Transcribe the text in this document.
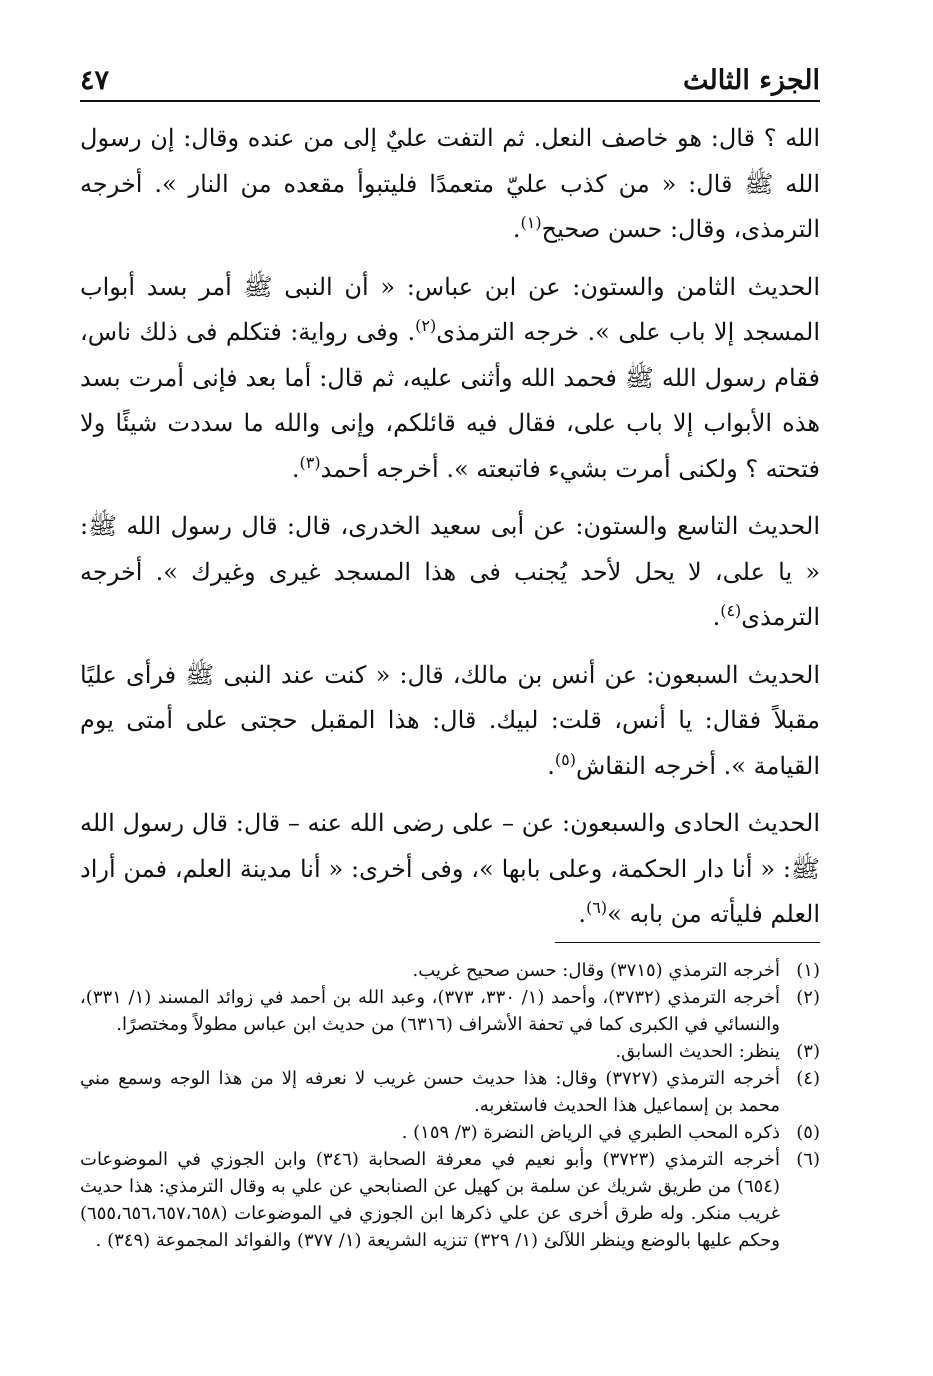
الجزء الثالث
٤٧

الله ؟ قال: هو خاصف النعل. ثم التفت عليٌ إلى من عنده وقال: إن رسول الله ﷺ قال: « من كذب عليّ متعمدًا فليتبوأ مقعده من النار ». أخرجه الترمذى، وقال: حسن صحيح$^{(١)}$.

الحديث الثامن والستون: عن ابن عباس: « أن النبى ﷺ أمر بسد أبواب المسجد إلا باب على ». خرجه الترمذى$^{(٢)}$. وفى رواية: فتكلم فى ذلك ناس، فقام رسول الله ﷺ فحمد الله وأثنى عليه، ثم قال: أما بعد فإنى أمرت بسد هذه الأبواب إلا باب على، فقال فيه قائلكم، وإنى والله ما سددت شيئًا ولا فتحته ؟ ولكنى أمرت بشيء فاتبعته ». أخرجه أحمد$^{(٣)}$.

الحديث التاسع والستون: عن أبى سعيد الخدرى، قال: قال رسول الله ﷺ: « يا على، لا يحل لأحد يُجنب فى هذا المسجد غيرى وغيرك ». أخرجه الترمذى$^{(٤)}$.

الحديث السبعون: عن أنس بن مالك، قال: « كنت عند النبى ﷺ فرأى عليًا مقبلاً فقال: يا أنس، قلت: لبيك. قال: هذا المقبل حجتى على أمتى يوم القيامة ». أخرجه النقاش$^{(٥)}$.

الحديث الحادى والسبعون: عن – على رضى الله عنه – قال: قال رسول الله ﷺ: « أنا دار الحكمة، وعلى بابها »، وفى أخرى: « أنا مدينة العلم، فمن أراد العلم فليأته من بابه »$^{(٦)}$.

(١)
أخرجه الترمذي (٣٧١٥) وقال: حسن صحيح غريب.
(٢)
أخرجه الترمذي (٣٧٣٢)، وأحمد (١/ ٣٣٠، ٣٧٣)، وعبد الله بن أحمد في زوائد المسند (١/ ٣٣١)، والنسائي في الكبرى كما في تحفة الأشراف (٦٣١٦) من حديث ابن عباس مطولاً ومختصرًا.
(٣)
ينظر: الحديث السابق.
(٤)
أخرجه الترمذي (٣٧٢٧) وقال: هذا حديث حسن غريب لا نعرفه إلا من هذا الوجه وسمع مني محمد بن إسماعيل هذا الحديث فاستغربه.
(٥)
ذكره المحب الطبري في الرياض النضرة (٣/ ١٥٩) .
(٦)
أخرجه الترمذي (٣٧٢٣) وأبو نعيم في معرفة الصحابة (٣٤٦) وابن الجوزي في الموضوعات (٦٥٤) من طريق شريك عن سلمة بن كهيل عن الصنابحي عن علي به وقال الترمذي: هذا حديث غريب منكر. وله طرق أخرى عن علي ذكرها ابن الجوزي في الموضوعات (٦٥٥،٦٥٦،٦٥٧،٦٥٨) وحكم عليها بالوضع وينظر اللآلئ (١/ ٣٢٩) تنزيه الشريعة (١/ ٣٧٧) والفوائد المجموعة (٣٤٩) .
